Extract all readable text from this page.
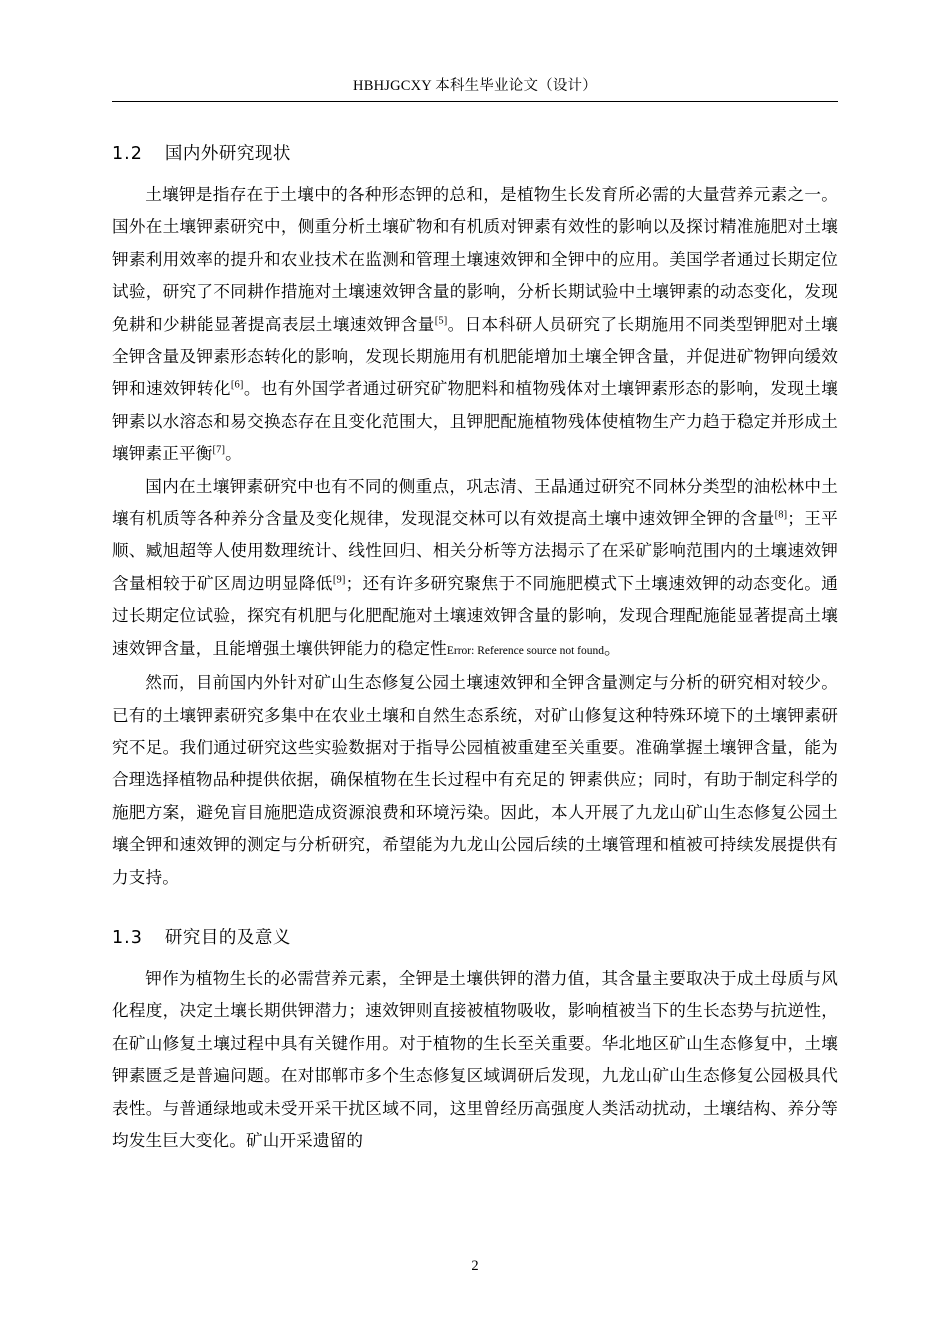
HBHJGCXY 本科生毕业论文（设计）
1.2 国内外研究现状

土壤钾是指存在于土壤中的各种形态钾的总和，是植物生长发育所必需的大量营养元素之一。国外在土壤钾素研究中，侧重分析土壤矿物和有机质对钾素有效性的影响以及探讨精准施肥对土壤钾素利用效率的提升和农业技术在监测和管理土壤速效钾和全钾中的应用。美国学者通过长期定位试验，研究了不同耕作措施对土壤速效钾含量的影响，分析长期试验中土壤钾素的动态变化，发现免耕和少耕能显著提高表层土壤速效钾含量[5]。日本科研人员研究了长期施用不同类型钾肥对土壤全钾含量及钾素形态转化的影响，发现长期施用有机肥能增加土壤全钾含量，并促进矿物钾向缓效钾和速效钾转化[6]。也有外国学者通过研究矿物肥料和植物残体对土壤钾素形态的影响，发现土壤钾素以水溶态和易交换态存在且变化范围大，且钾肥配施植物残体使植物生产力趋于稳定并形成土壤钾素正平衡[7]。

国内在土壤钾素研究中也有不同的侧重点，巩志清、王晶通过研究不同林分类型的油松林中土壤有机质等各种养分含量及变化规律，发现混交林可以有效提高土壤中速效钾全钾的含量[8]；王平顺、臧旭超等人使用数理统计、线性回归、相关分析等方法揭示了在采矿影响范围内的土壤速效钾含量相较于矿区周边明显降低[9]；还有许多研究聚焦于不同施肥模式下土壤速效钾的动态变化。通过长期定位试验，探究有机肥与化肥配施对土壤速效钾含量的影响，发现合理配施能显著提高土壤速效钾含量，且能增强土壤供钾能力的稳定性Error: Reference source not found。

然而，目前国内外针对矿山生态修复公园土壤速效钾和全钾含量测定与分析的研究相对较少。已有的土壤钾素研究多集中在农业土壤和自然生态系统，对矿山修复这种特殊环境下的土壤钾素研究不足。我们通过研究这些实验数据对于指导公园植被重建至关重要。准确掌握土壤钾含量，能为合理选择植物品种提供依据，确保植物在生长过程中有充足的 钾素供应；同时，有助于制定科学的施肥方案，避免盲目施肥造成资源浪费和环境污染。因此，本人开展了九龙山矿山生态修复公园土壤全钾和速效钾的测定与分析研究，希望能为九龙山公园后续的土壤管理和植被可持续发展提供有力支持。

1.3 研究目的及意义

钾作为植物生长的必需营养元素，全钾是土壤供钾的潜力值，其含量主要取决于成土母质与风化程度，决定土壤长期供钾潜力；速效钾则直接被植物吸收，影响植被当下的生长态势与抗逆性，在矿山修复土壤过程中具有关键作用。对于植物的生长至关重要。华北地区矿山生态修复中，土壤钾素匮乏是普遍问题。在对邯郸市多个生态修复区域调研后发现，九龙山矿山生态修复公园极具代表性。与普通绿地或未受开采干扰区域不同，这里曾经历高强度人类活动扰动，土壤结构、养分等均发生巨大变化。矿山开采遗留的

2
